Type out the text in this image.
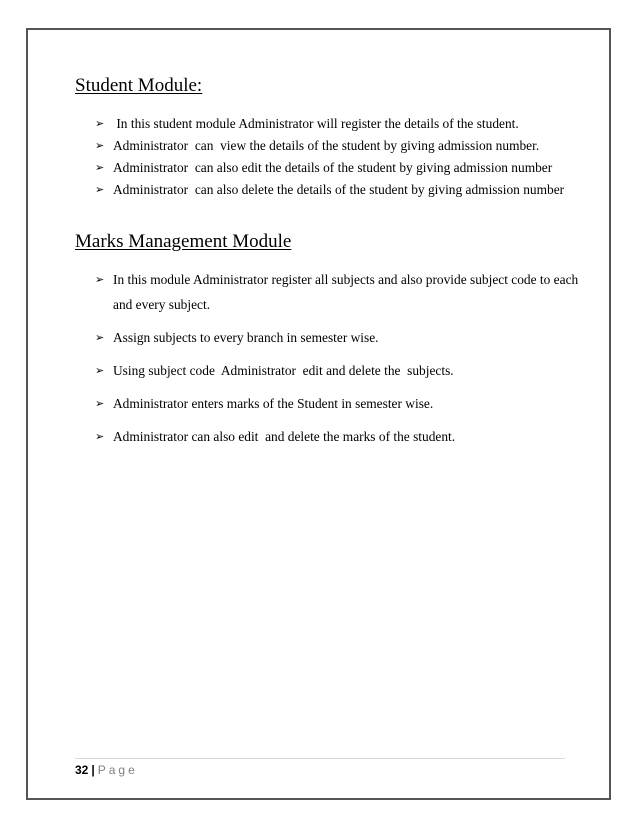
Student Module:
➢ In this student module Administrator will register the details of the student.
➢ Administrator  can  view the details of the student by giving admission number.
➢ Administrator  can also edit the details of the student by giving admission number
➢ Administrator  can also delete the details of the student by giving admission number
Marks Management Module
➢ In this module Administrator register all subjects and also provide subject code to each and every subject.
➢ Assign subjects to every branch in semester wise.
➢ Using subject code  Administrator  edit and delete the  subjects.
➢ Administrator enters marks of the Student in semester wise.
➢ Administrator can also edit  and delete the marks of the student.
32 | Page
